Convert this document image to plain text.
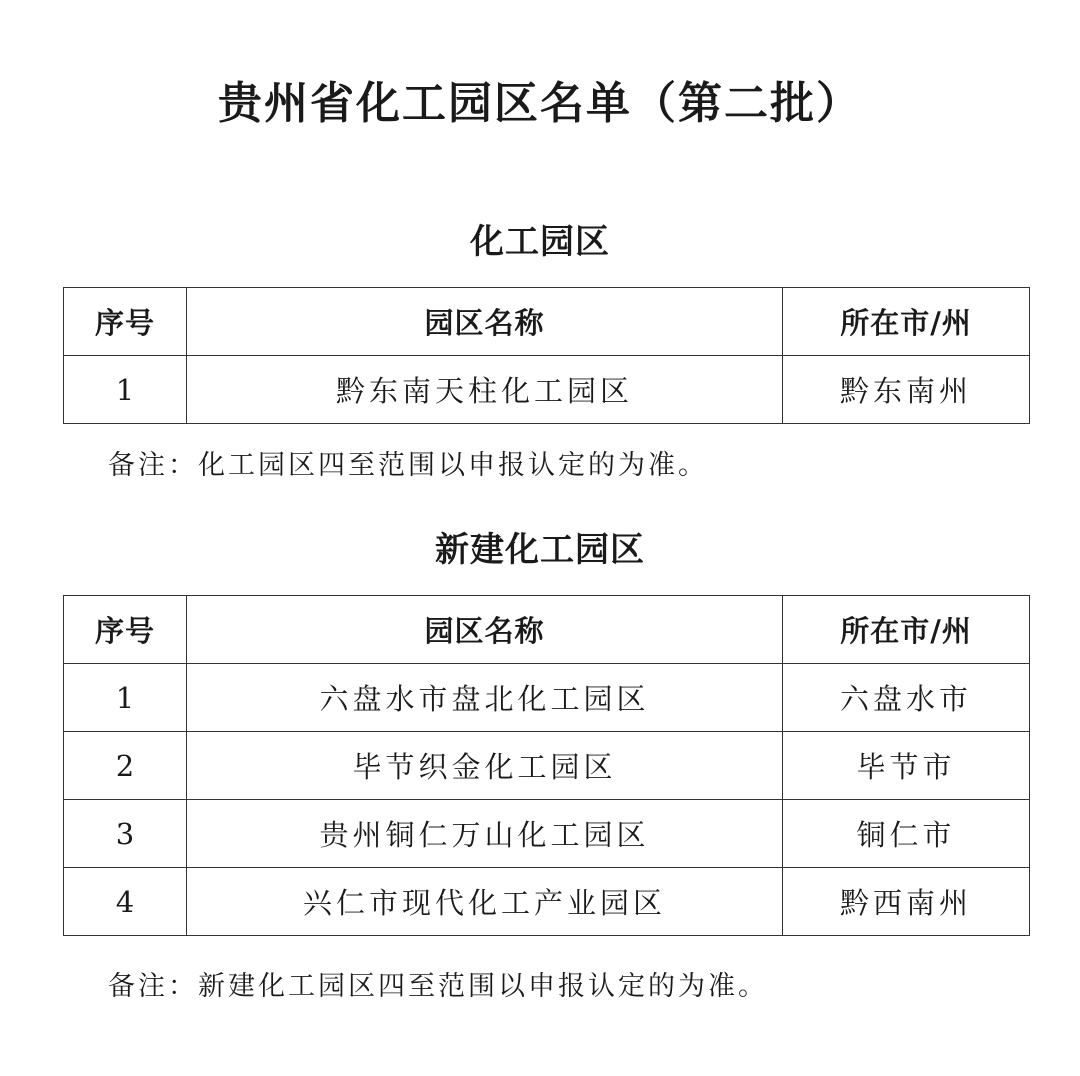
贵州省化工园区名单（第二批）
化工园区
序号	园区名称	所在市/州
1	黔东南天柱化工园区	黔东南州

备注：化工园区四至范围以申报认定的为准。

新建化工园区
序号	园区名称	所在市/州
1	六盘水市盘北化工园区	六盘水市
2	毕节织金化工园区	毕节市
3	贵州铜仁万山化工园区	铜仁市
4	兴仁市现代化工产业园区	黔西南州

备注：新建化工园区四至范围以申报认定的为准。
